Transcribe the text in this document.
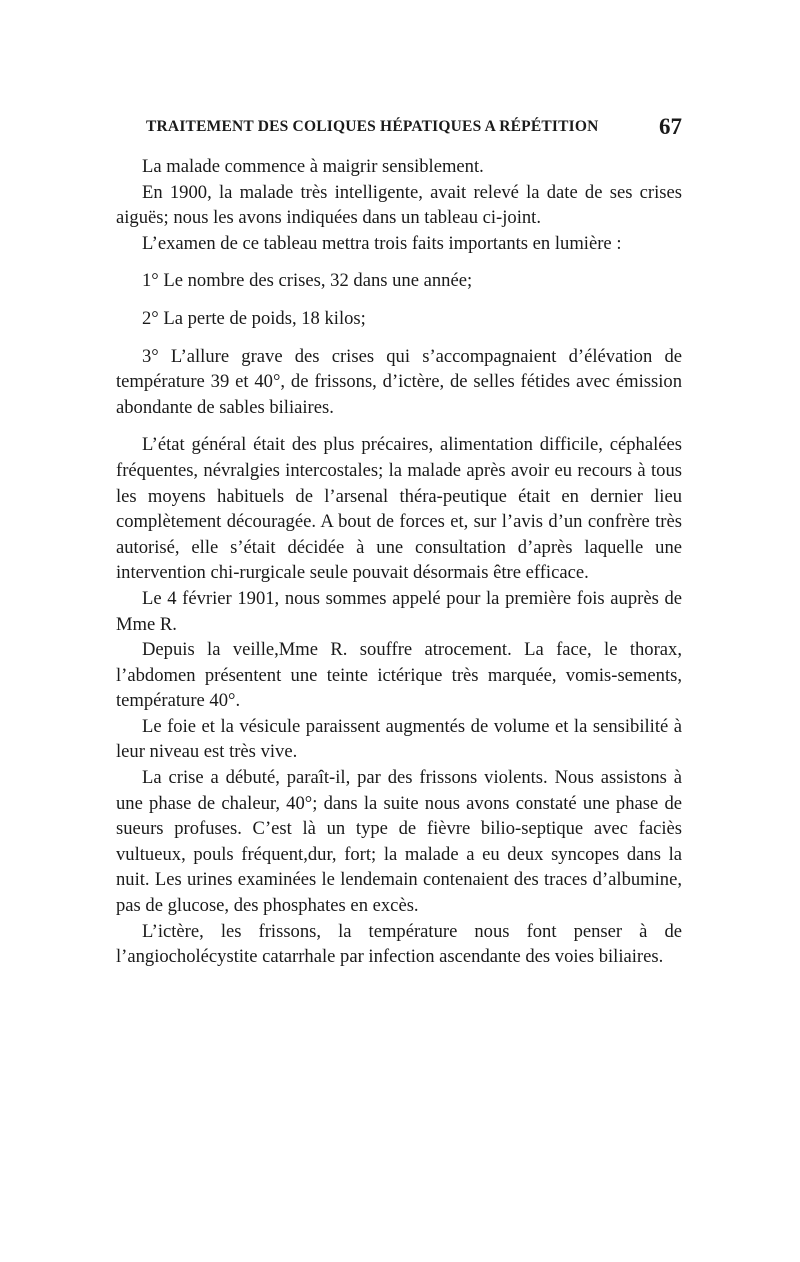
TRAITEMENT DES COLIQUES HÉPATIQUES A RÉPÉTITION	67

La malade commence à maigrir sensiblement.

En 1900, la malade très intelligente, avait relevé la date de ses crises aiguës; nous les avons indiquées dans un tableau ci-joint.

L’examen de ce tableau mettra trois faits importants en lumière :

1° Le nombre des crises, 32 dans une année;

2° La perte de poids, 18 kilos;

3° L’allure grave des crises qui s’accompagnaient d’élévation de température 39 et 40°, de frissons, d’ictère, de selles fétides avec émission abondante de sables biliaires.

L’état général était des plus précaires, alimentation difficile, céphalées fréquentes, névralgies intercostales; la malade après avoir eu recours à tous les moyens habituels de l’arsenal théra-peutique était en dernier lieu complètement découragée. A bout de forces et, sur l’avis d’un confrère très autorisé, elle s’était décidée à une consultation d’après laquelle une intervention chi-rurgicale seule pouvait désormais être efficace.

Le 4 février 1901, nous sommes appelé pour la première fois auprès de Mme R.

Depuis la veille,Mme R. souffre atrocement. La face, le thorax, l’abdomen présentent une teinte ictérique très marquée, vomis-sements, température 40°.

Le foie et la vésicule paraissent augmentés de volume et la sensibilité à leur niveau est très vive.

La crise a débuté, paraît-il, par des frissons violents. Nous assistons à une phase de chaleur, 40°; dans la suite nous avons constaté une phase de sueurs profuses. C’est là un type de fièvre bilio-septique avec faciès vultueux, pouls fréquent,dur, fort; la malade a eu deux syncopes dans la nuit. Les urines examinées le lendemain contenaient des traces d’albumine, pas de glucose, des phosphates en excès.

L’ictère, les frissons, la température nous font penser à de l’angiocholécystite catarrhale par infection ascendante des voies biliaires.
